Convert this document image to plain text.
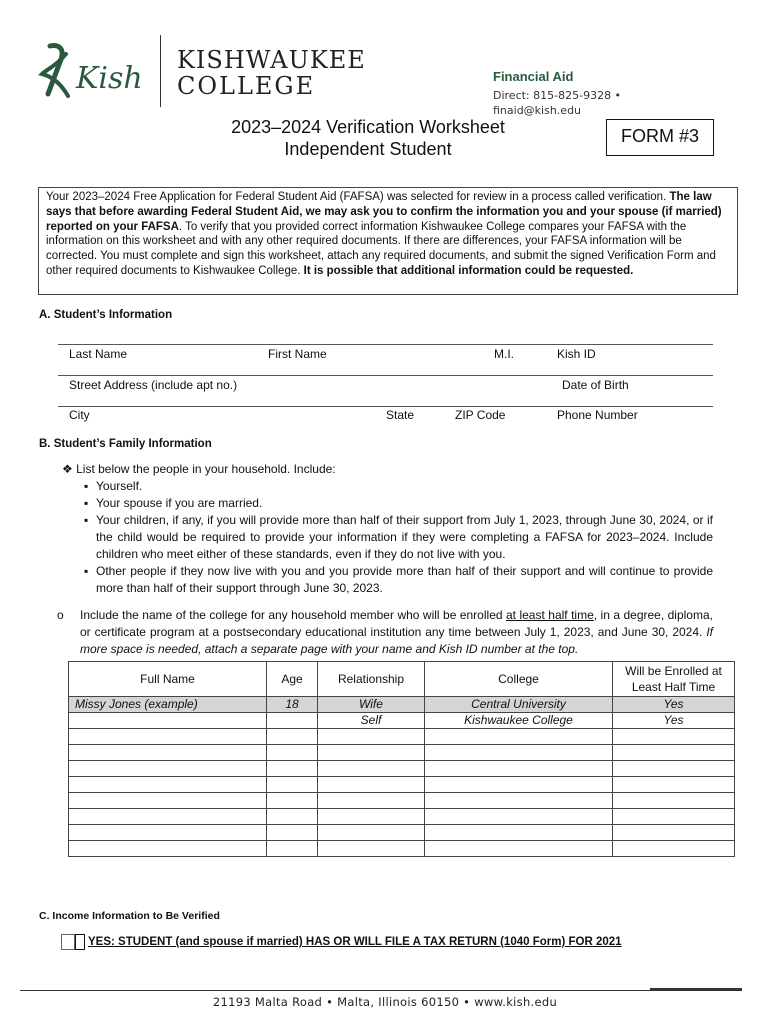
Kish
KISHWAUKEE
COLLEGE	Financial Aid
Direct: 815-825-9328 •
finaid@kish.edu
2023–2024 Verification Worksheet
Independent Student
FORM #3
Your 2023–2024 Free Application for Federal Student Aid (FAFSA) was selected for review in a process called verification. The law says that before awarding Federal Student Aid, we may ask you to confirm the information you and your spouse (if married) reported on your FAFSA. To verify that you provided correct information Kishwaukee College compares your FAFSA with the information on this worksheet and with any other required documents. If there are differences, your FAFSA information will be corrected. You must complete and sign this worksheet, attach any required documents, and submit the signed Verification Form and other required documents to Kishwaukee College. It is possible that additional information could be requested.
A. Student’s Information
Last Name	First Name	M.I.	Kish ID
Street Address (include apt no.)	Date of Birth
City	State	ZIP Code	Phone Number
B. Student’s Family Information
❖ List below the people in your household. Include:
▪ Yourself.
▪ Your spouse if you are married.
▪ Your children, if any, if you will provide more than half of their support from July 1, 2023, through June 30, 2024, or if the child would be required to provide your information if they were completing a FAFSA for 2023–2024. Include children who meet either of these standards, even if they do not live with you.
▪ Other people if they now live with you and you provide more than half of their support and will continue to provide more than half of their support through June 30, 2023.
o Include the name of the college for any household member who will be enrolled at least half time, in a degree, diploma, or certificate program at a postsecondary educational institution any time between July 1, 2023, and June 30, 2024. If more space is needed, attach a separate page with your name and Kish ID number at the top.
Full Name	Age	Relationship	College	Will be Enrolled at Least Half Time
Missy Jones (example)	18	Wife	Central University	Yes
		Self	Kishwaukee College	Yes

C. Income Information to Be Verified
YES: STUDENT (and spouse if married) HAS OR WILL FILE A TAX RETURN (1040 Form) FOR 2021
21193 Malta Road • Malta, Illinois 60150 • www.kish.edu
